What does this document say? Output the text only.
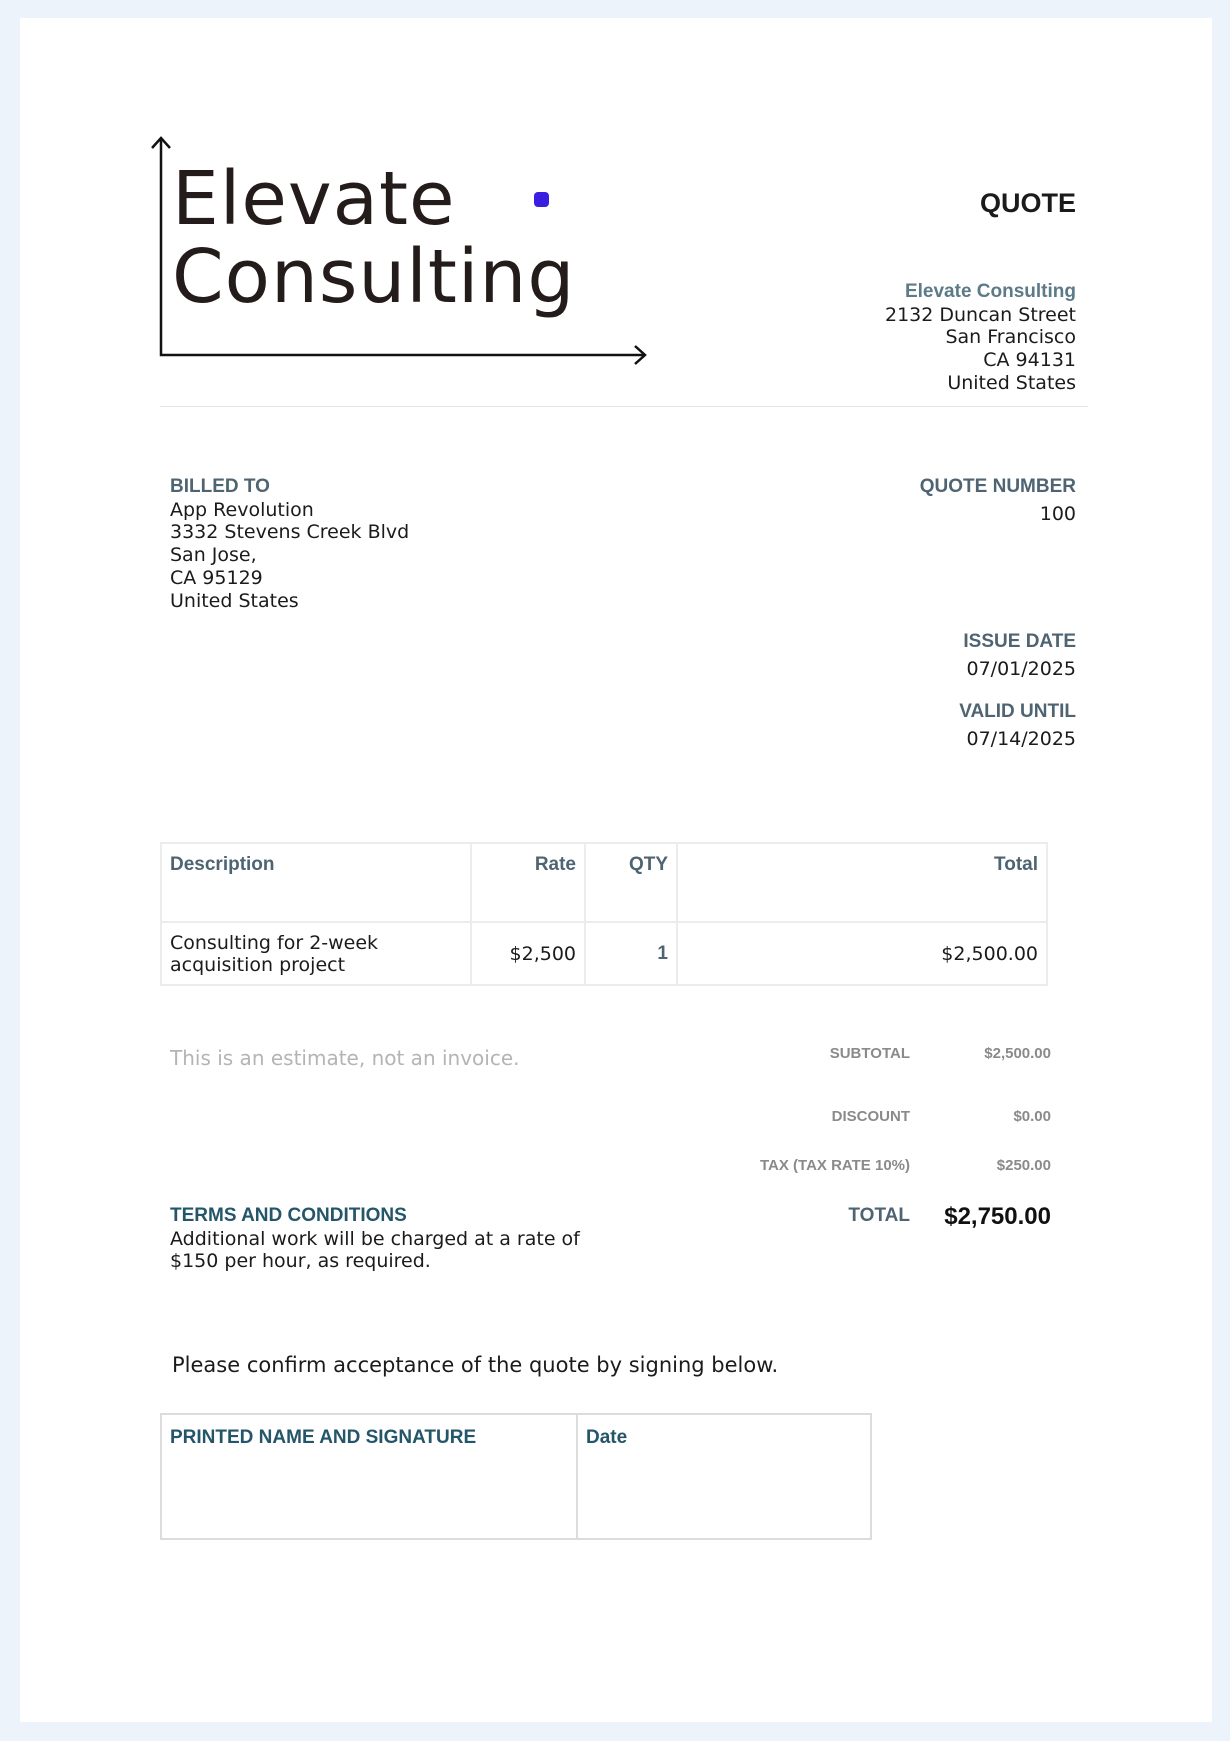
Elevate
Consulting
QUOTE
Elevate Consulting
2132 Duncan Street
San Francisco
CA 94131
United States
BILLED TO
App Revolution
3332 Stevens Creek Blvd
San Jose,
CA 95129
United States
QUOTE NUMBER
100
ISSUE DATE
07/01/2025
VALID UNTIL
07/14/2025
Description	Rate	QTY	Total

Consulting for 2-week
acquisition project	$2,500	1	$2,500.00
This is an estimate, not an invoice.	SUBTOTAL	$2,500.00
DISCOUNT	$0.00
TAX (TAX RATE 10%)	$250.00
TOTAL	$2,750.00
TERMS AND CONDITIONS
Additional work will be charged at a rate of
$150 per hour, as required.
Please confirm acceptance of the quote by signing below.
PRINTED NAME AND SIGNATURE	Date
